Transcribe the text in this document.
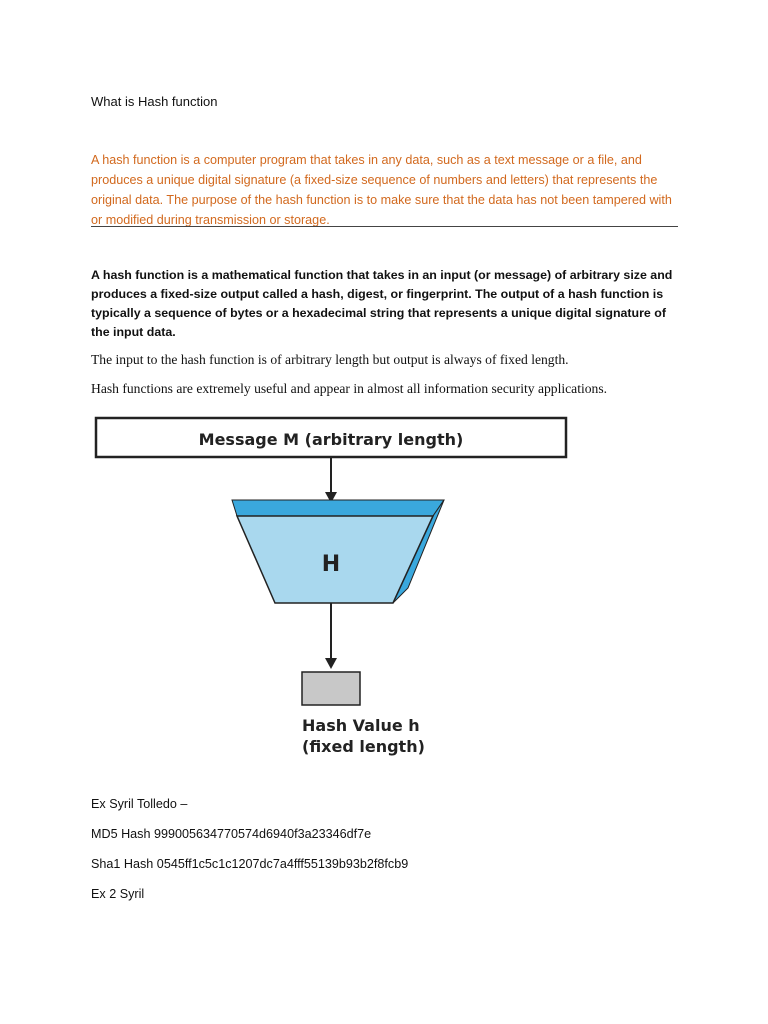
What is Hash function

A hash function is a computer program that takes in any data, such as a text message or a file, and produces a unique digital signature (a fixed-size sequence of numbers and letters) that represents the original data. The purpose of the hash function is to make sure that the data has not been tampered with or modified during transmission or storage.

A hash function is a mathematical function that takes in an input (or message) of arbitrary size and produces a fixed-size output called a hash, digest, or fingerprint. The output of a hash function is typically a sequence of bytes or a hexadecimal string that represents a unique digital signature of the input data.

The input to the hash function is of arbitrary length but output is always of fixed length.

Hash functions are extremely useful and appear in almost all information security applications.

Message M (arbitrary length)
H
Hash Value h
(fixed length)

Ex Syril Tolledo –

MD5 Hash 999005634770574d6940f3a23346df7e

Sha1 Hash 0545ff1c5c1c1207dc7a4fff55139b93b2f8fcb9

Ex 2 Syril
